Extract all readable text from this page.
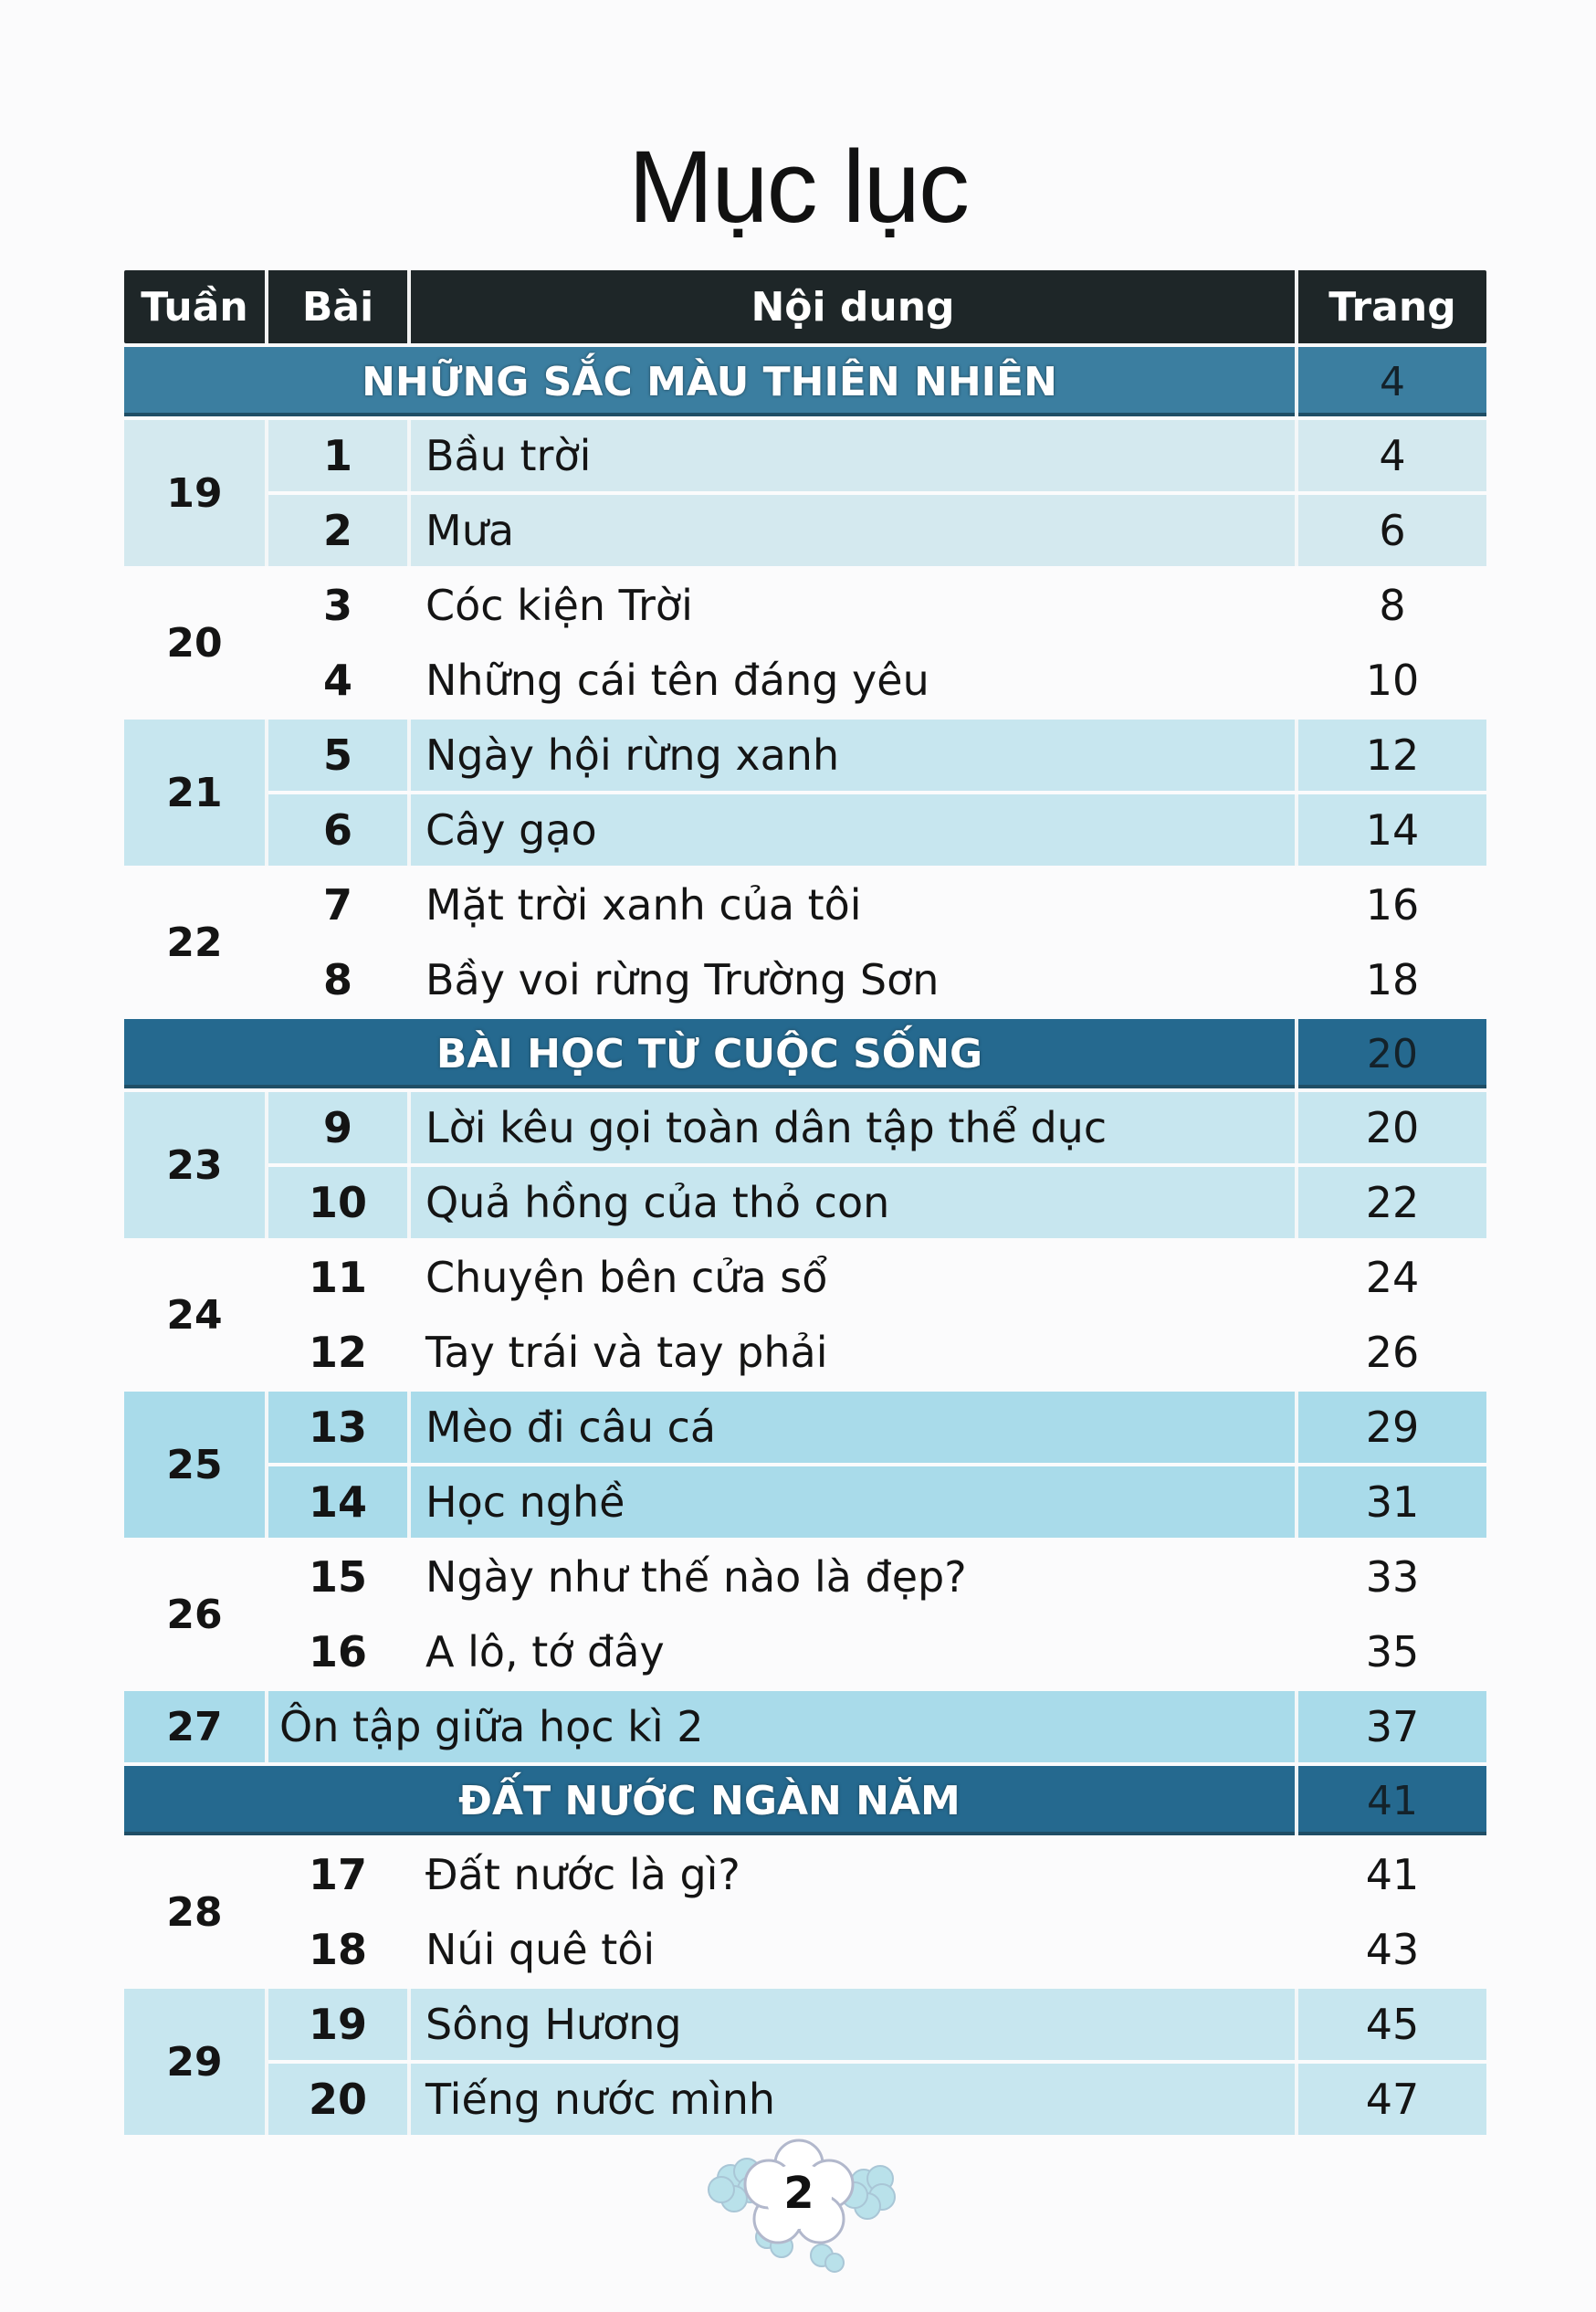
Mục lục
Tuần	Bài	Nội dung	Trang
NHỮNG SẮC MÀU THIÊN NHIÊN	4
19
1	Bầu trời	4
2	Mưa	6
20
3	Cóc kiện Trời	8
4	Những cái tên đáng yêu	10
21
5	Ngày hội rừng xanh	12
6	Cây gạo	14
22
7	Mặt trời xanh của tôi	16
8	Bầy voi rừng Trường Sơn	18
BÀI HỌC TỪ CUỘC SỐNG	20
23
9	Lời kêu gọi toàn dân tập thể dục	20
10	Quả hồng của thỏ con	22
24
11	Chuyện bên cửa sổ	24
12	Tay trái và tay phải	26
25
13	Mèo đi câu cá	29
14	Học nghề	31
26
15	Ngày như thế nào là đẹp?	33
16	A lô, tớ đây	35
27	Ôn tập giữa học kì 2	37
ĐẤT NƯỚC NGÀN NĂM	41
28
17	Đất nước là gì?	41
18	Núi quê tôi	43
29
19	Sông Hương	45
20	Tiếng nước mình	47
2
